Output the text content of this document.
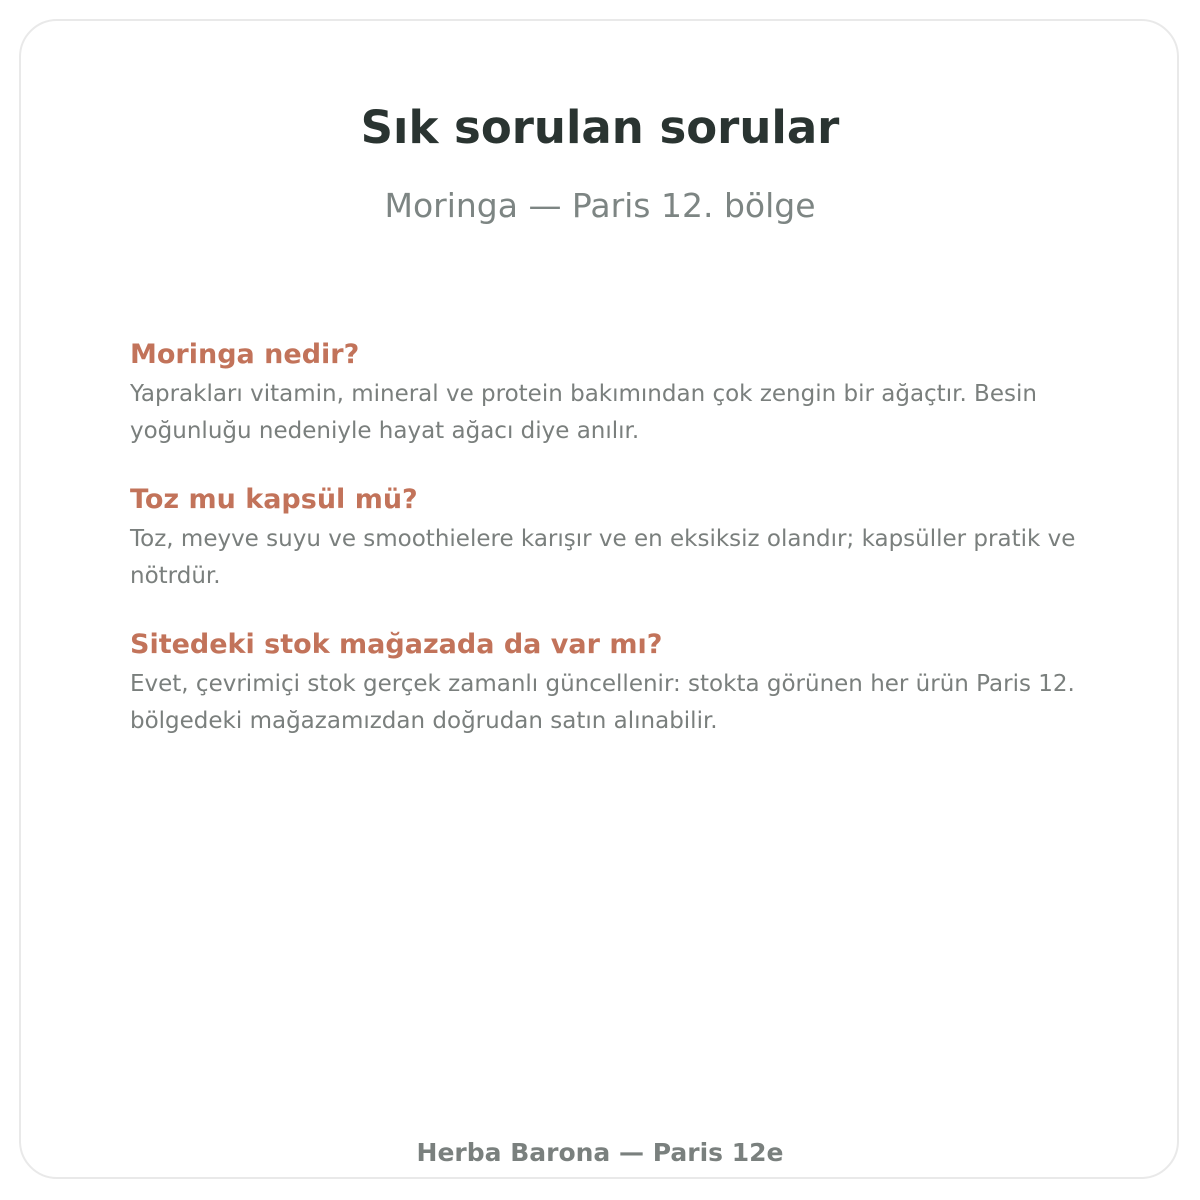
Sık sorulan sorular

Moringa — Paris 12. bölge

Moringa nedir?

Yaprakları vitamin, mineral ve protein bakımından çok zengin bir ağaçtır. Besin yoğunluğu nedeniyle hayat ağacı diye anılır.

Toz mu kapsül mü?

Toz, meyve suyu ve smoothielere karışır ve en eksiksiz olandır; kapsüller pratik ve nötrdür.

Sitedeki stok mağazada da var mı?

Evet, çevrimiçi stok gerçek zamanlı güncellenir: stokta görünen her ürün Paris 12. bölgedeki mağazamızdan doğrudan satın alınabilir.

Herba Barona — Paris 12e
